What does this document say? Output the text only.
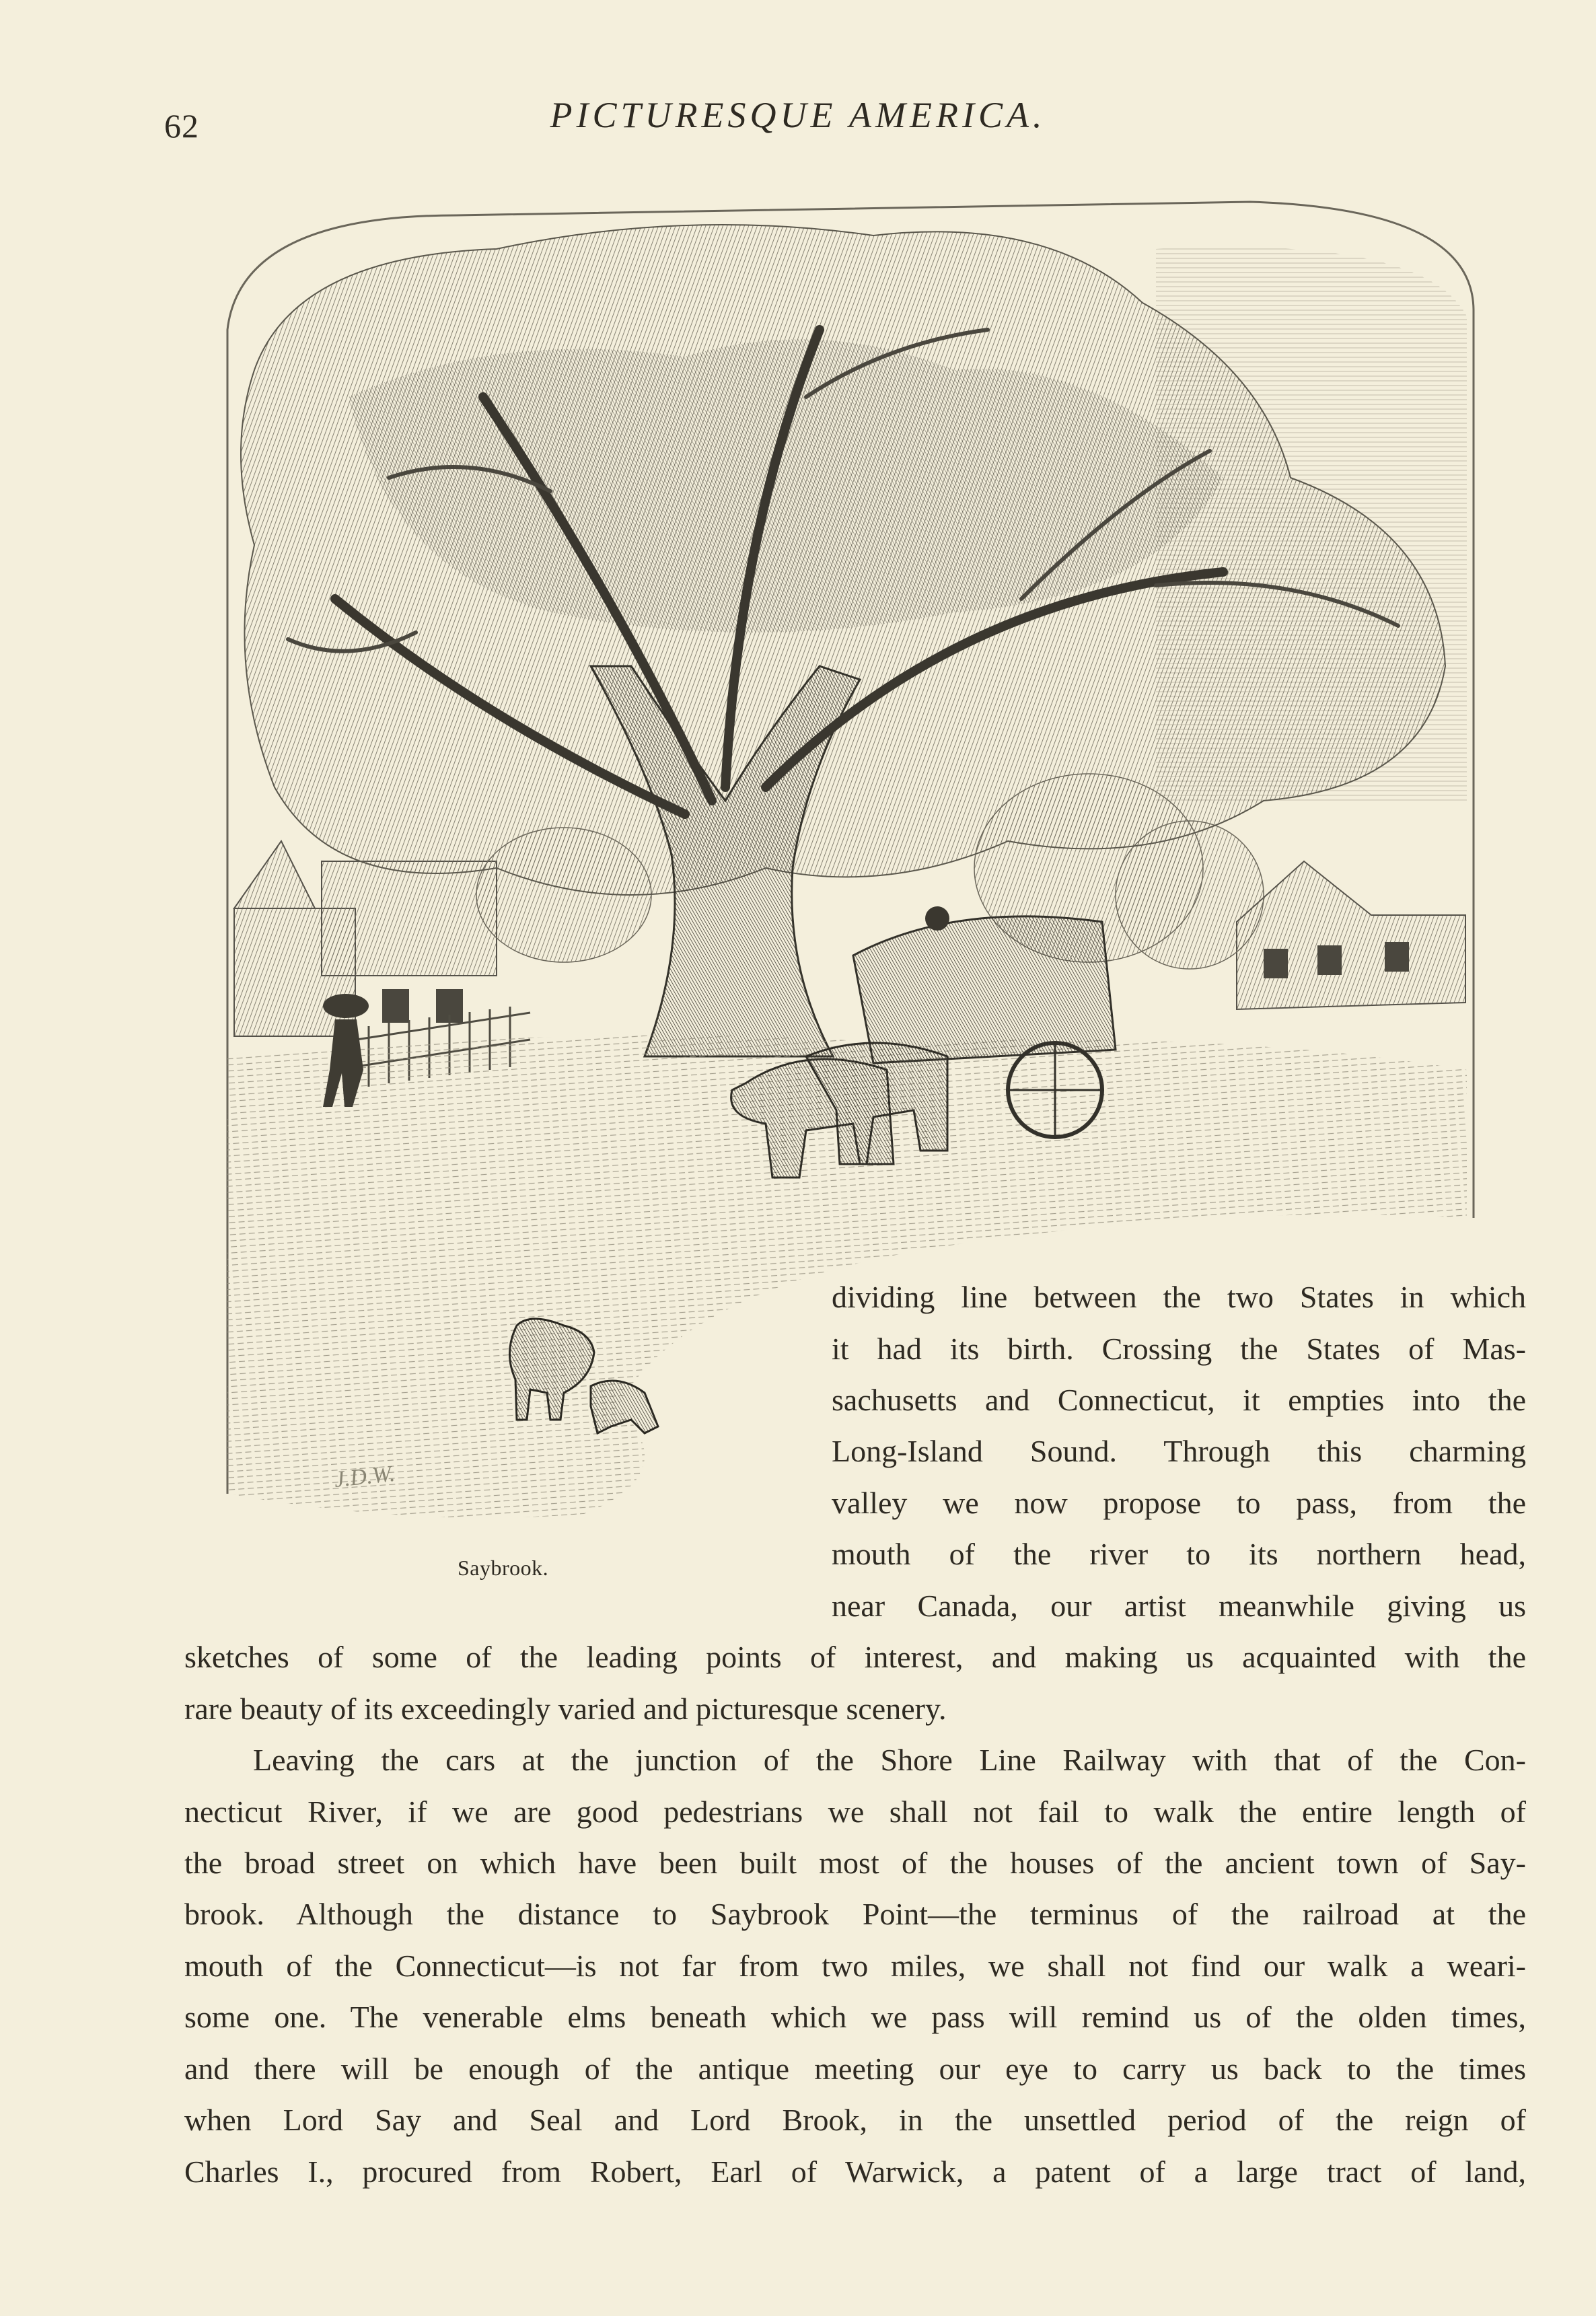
62	PICTURESQUE AMERICA.
J.D.W.
Saybrook.
dividing line between the two States in which
it had its birth. Crossing the States of Mas-
sachusetts and Connecticut, it empties into the
Long-Island Sound. Through this charming
valley we now propose to pass, from the
mouth of the river to its northern head,
near Canada, our artist meanwhile giving us
sketches of some of the leading points of interest, and making us acquainted with the
rare beauty of its exceedingly varied and picturesque scenery.
Leaving the cars at the junction of the Shore Line Railway with that of the Con-
necticut River, if we are good pedestrians we shall not fail to walk the entire length of
the broad street on which have been built most of the houses of the ancient town of Say-
brook. Although the distance to Saybrook Point—the terminus of the railroad at the
mouth of the Connecticut—is not far from two miles, we shall not find our walk a weari-
some one. The venerable elms beneath which we pass will remind us of the olden times,
and there will be enough of the antique meeting our eye to carry us back to the times
when Lord Say and Seal and Lord Brook, in the unsettled period of the reign of
Charles I., procured from Robert, Earl of Warwick, a patent of a large tract of land,
